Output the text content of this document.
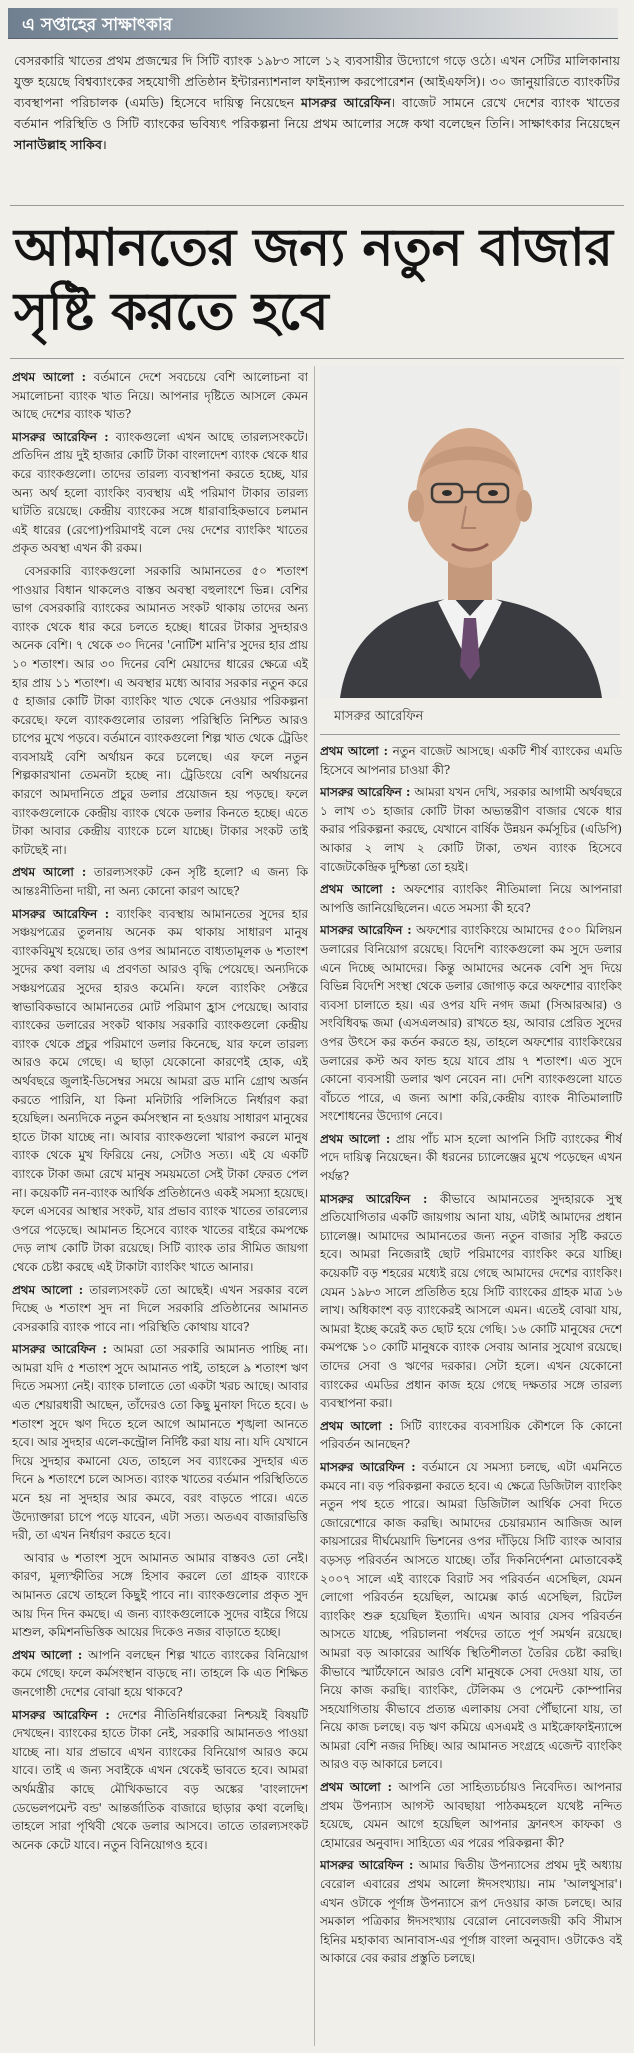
এ সপ্তাহের সাক্ষাৎকার
বেসরকারি খাতের প্রথম প্রজন্মের দি সিটি ব্যাংক ১৯৮৩ সালে ১২ ব্যবসায়ীর উদ্যোগে গড়ে ওঠে। এখন সেটির মালিকানায় যুক্ত হয়েছে বিশ্বব্যাংকের সহযোগী প্রতিষ্ঠান ইন্টারন্যাশনাল ফাইন্যান্স করপোরেশন (আইএফসি)। ৩০ জানুয়ারিতে ব্যাংকটির ব্যবস্থাপনা পরিচালক (এমডি) হিসেবে দায়িত্ব নিয়েছেন মাসরুর আরেফিন। বাজেট সামনে রেখে দেশের ব্যাংক খাতের বর্তমান পরিস্থিতি ও সিটি ব্যাংকের ভবিষ্যৎ পরিকল্পনা নিয়ে প্রথম আলোর সঙ্গে কথা বলেছেন তিনি। সাক্ষাৎকার নিয়েছেন সানাউল্লাহ সাকিব।
আমানতের জন্য নতুন বাজার
সৃষ্টি করতে হবে
মাসরুর আরেফিন

প্রথম আলো : বর্তমানে দেশে সবচেয়ে বেশি আলোচনা বা সমালোচনা ব্যাংক খাত নিয়ে। আপনার দৃষ্টিতে আসলে কেমন আছে দেশের ব্যাংক খাত?

মাসরুর আরেফিন : ব্যাংকগুলো এখন আছে তারল্যসংকটে। প্রতিদিন প্রায় দুই হাজার কোটি টাকা বাংলাদেশ ব্যাংক থেকে ধার করে ব্যাংকগুলো। তাদের তারল্য ব্যবস্থাপনা করতে হচ্ছে, যার অন্য অর্থ হলো ব্যাংকিং ব্যবস্থায় এই পরিমাণ টাকার তারল্য ঘাটতি রয়েছে। কেন্দ্রীয় ব্যাংকের সঙ্গে ধারাবাহিকভাবে চলমান এই ধারের (রেপো)পরিমাণই বলে দেয় দেশের ব্যাংকিং খাতের প্রকৃত অবস্থা এখন কী রকম।

বেসরকারি ব্যাংকগুলো সরকারি আমানতের ৫০ শতাংশ পাওয়ার বিধান থাকলেও বাস্তব অবস্থা বহুলাংশে ভিন্ন। বেশির ভাগ বেসরকারি ব্যাংকের আমানত সংকট থাকায় তাদের অন্য ব্যাংক থেকে ধার করে চলতে হচ্ছে। ধারের টাকার সুদহারও অনেক বেশি। ৭ থেকে ৩০ দিনের 'নোটিশ মানি'র সুদের হার প্রায় ১০ শতাংশ। আর ৩০ দিনের বেশি মেয়াদের ধারের ক্ষেত্রে এই হার প্রায় ১১ শতাংশ। এ অবস্থার মধ্যে আবার সরকার নতুন করে ৫ হাজার কোটি টাকা ব্যাংকিং খাত থেকে নেওয়ার পরিকল্পনা করেছে। ফলে ব্যাংকগুলোর তারল্য পরিস্থিতি নিশ্চিত আরও চাপের মুখে পড়বে। বর্তমানে ব্যাংকগুলো শিল্প খাত থেকে ট্রেডিং ব্যবসায়ই বেশি অর্থায়ন করে চলেছে। এর ফলে নতুন শিল্পকারখানা তেমনটা হচ্ছে না। ট্রেডিংয়ে বেশি অর্থায়নের কারণে আমদানিতে প্রচুর ডলার প্রয়োজন হয় পড়ছে। ফলে ব্যাংকগুলোকে কেন্দ্রীয় ব্যাংক থেকে ডলার কিনতে হচ্ছে। এতে টাকা আবার কেন্দ্রীয় ব্যাংকে চলে যাচ্ছে। টাকার সংকট তাই কাটছেই না।

প্রথম আলো : তারল্যসংকট কেন সৃষ্টি হলো? এ জন্য কি আন্তঃনীতিনা দায়ী, না অন্য কোনো কারণ আছে?

মাসরুর আরেফিন : ব্যাংকিং ব্যবস্থায় আমানতের সুদের হার সঞ্চয়পত্রের তুলনায় অনেক কম থাকায় সাধারণ মানুষ ব্যাংকবিমুখ হয়েছে। তার ওপর আমানতে বাধ্যতামূলক ৬ শতাংশ সুদের কথা বলায় এ প্রবণতা আরও বৃদ্ধি পেয়েছে। অন্যদিকে সঞ্চয়পত্রের সুদের হারও কমেনি। ফলে ব্যাংকিং সেক্টরে স্বাভাবিকভাবে আমানতের মোট পরিমাণ হ্রাস পেয়েছে। আবার ব্যাংকের ডলারের সংকট থাকায় সরকারি ব্যাংকগুলো কেন্দ্রীয় ব্যাংক থেকে প্রচুর পরিমাণে ডলার কিনেছে, যার ফলে তারল্য আরও কমে গেছে। এ ছাড়া যেকোনো কারণেই হোক, এই অর্থবছরে জুলাই-ডিসেম্বর সময়ে আমরা ব্রড মানি গ্রোথ অর্জন করতে পারিনি, যা কিনা মনিটারি পলিসিতে নির্ধারণ করা হয়েছিল। অন্যদিকে নতুন কর্মসংস্থান না হওয়ায় সাধারণ মানুষের হাতে টাকা যাচ্ছে না। আবার ব্যাংকগুলো খারাপ করলে মানুষ ব্যাংক থেকে মুখ ফিরিয়ে নেয়, সেটাও সত্য। এই যে একটি ব্যাংকে টাকা জমা রেখে মানুষ সময়মতো সেই টাকা ফেরত পেল না। কয়েকটি নন-ব্যাংক আর্থিক প্রতিষ্ঠানেও একই সমস্যা হয়েছে। ফলে এসবের আস্থার সংকট, যার প্রভাব ব্যাংক খাতের তারল্যের ওপরে পড়েছে। আমানত হিসেবে ব্যাংক খাতের বাইরে কমপক্ষে দেড় লাখ কোটি টাকা রয়েছে। সিটি ব্যাংক তার সীমিত জায়গা থেকে চেষ্টা করছে এই টাকাটা ব্যাংকিং খাতে আনার।

প্রথম আলো : তারল্যসংকট তো আছেই। এখন সরকার বলে দিচ্ছে ৬ শতাংশ সুদ না দিলে সরকারি প্রতিষ্ঠানের আমানত বেসরকারি ব্যাংক পাবে না। পরিস্থিতি কোথায় যাবে?

মাসরুর আরেফিন : আমরা তো সরকারি আমানত পাচ্ছি না। আমরা যদি ৫ শতাংশ সুদে আমানত পাই, তাহলে ৯ শতাংশ ঋণ দিতে সমস্যা নেই। ব্যাংক চালাতে তো একটা খরচ আছে। আবার এত শেয়ারধারী আছেন, তাঁদেরও তো কিছু মুনাফা দিতে হবে। ৬ শতাংশ সুদে ঋণ দিতে হলে আগে আমানতে শৃঙ্খলা আনতে হবে। আর সুদহার এলে-কন্ট্রোল নির্দিষ্ট করা যায় না। যদি যেখানে দিয়ে সুদহার কমানো যেত, তাহলে সব ব্যাংকের সুদহার এত দিনে ৯ শতাংশে চলে আসত। ব্যাংক খাতের বর্তমান পরিস্থিতিতে মনে হয় না সুদহার আর কমবে, বরং বাড়তে পারে। এতে উদ্যোক্তারা চাপে পড়ে যাবেন, এটা সত্য। অতএব বাজারভিত্তি দরী, তা এখন নির্ধারণ করতে হবে।

আবার ৬ শতাংশ সুদে আমানত আমার বাস্তবও তো নেই। কারণ, মূল্যস্ফীতির সঙ্গে হিসাব করলে তো গ্রাহক ব্যাংকে আমানত রেখে তাহলে কিছুই পাবে না। ব্যাংকগুলোর প্রকৃত সুদ আয় দিন দিন কমছে। এ জন্য ব্যাংকগুলোকে সুদের বাইরে গিয়ে মাশুল, কমিশনভিত্তিক আয়ের দিকেও নজর বাড়াতে হচ্ছে।

প্রথম আলো : আপনি বলছেন শিল্প খাতে ব্যাংকের বিনিয়োগ কমে গেছে। ফলে কর্মসংস্থান বাড়ছে না। তাহলে কি এত শিক্ষিত জনগোষ্ঠী দেশের বোঝা হয়ে থাকবে?

মাসরুর আরেফিন : দেশের নীতিনির্ধারকেরা নিশ্চয়ই বিষয়টি দেখছেন। ব্যাংকের হাতে টাকা নেই, সরকারি আমানতও পাওয়া যাচ্ছে না। যার প্রভাবে এখন ব্যাংকের বিনিয়োগ আরও কমে যাবে। তাই এ জন্য সবাইকে এখন থেকেই ভাবতে হবে। আমরা অর্থমন্ত্রীর কাছে মৌখিকভাবে বড় অঙ্কের 'বাংলাদেশ ডেভেলপমেন্ট বন্ড' আন্তর্জাতিক বাজারে ছাড়ার কথা বলেছি। তাহলে সারা পৃথিবী থেকে ডলার আসবে। তাতে তারল্যসংকট অনেক কেটে যাবে। নতুন বিনিয়োগও হবে।

প্রথম আলো : নতুন বাজেট আসছে। একটি শীর্ষ ব্যাংকের এমডি হিসেবে আপনার চাওয়া কী?

মাসরুর আরেফিন : আমরা যখন দেখি, সরকার আগামী অর্থবছরে ১ লাখ ৩১ হাজার কোটি টাকা অভ্যন্তরীণ বাজার থেকে ধার করার পরিকল্পনা করছে, যেখানে বার্ষিক উন্নয়ন কর্মসূচির (এডিপি) আকার ২ লাখ ২ কোটি টাকা, তখন ব্যাংক হিসেবে বাজেটকেন্দ্রিক দুশ্চিন্তা তো হয়ই।

প্রথম আলো : অফশোর ব্যাংকিং নীতিমালা নিয়ে আপনারা আপত্তি জানিয়েছিলেন। এতে সমস্যা কী হবে?

মাসরুর আরেফিন : অফশোর ব্যাংকিংয়ে আমাদের ৫০০ মিলিয়ন ডলারের বিনিয়োগ রয়েছে। বিদেশি ব্যাংকগুলো কম সুদে ডলার এনে দিচ্ছে আমাদের। কিন্তু আমাদের অনেক বেশি সুদ দিয়ে বিভিন্ন বিদেশি সংস্থা থেকে ডলার জোগাড় করে অফশোর ব্যাংকিং ব্যবসা চালাতে হয়। এর ওপর যদি নগদ জমা (সিআরআর) ও সংবিধিবদ্ধ জমা (এসএলআর) রাখতে হয়, আবার প্রেরিত সুদের ওপর উৎসে কর কর্তন করতে হয়, তাহলে অফশোর ব্যাংকিংয়ের ডলারের কস্ট অব ফান্ড হয়ে যাবে প্রায় ৭ শতাংশ। এত সুদে কোনো ব্যবসায়ী ডলার ঋণ নেবেন না। দেশি ব্যাংকগুলো যাতে বাঁচতে পারে, এ জন্য আশা করি,কেন্দ্রীয় ব্যাংক নীতিমালাটি সংশোধনের উদ্যোগ নেবে।

প্রথম আলো : প্রায় পাঁচ মাস হলো আপনি সিটি ব্যাংকের শীর্ষ পদে দায়িত্ব নিয়েছেন। কী ধরনের চ্যালেঞ্জের মুখে পড়েছেন এখন পর্যন্ত?

মাসরুর আরেফিন : কীভাবে আমানতের সুদহারকে সুস্থ প্রতিযোগিতার একটি জায়গায় আনা যায়, এটাই আমাদের প্রধান চ্যালেঞ্জ। আমাদের আমানতের জন্য নতুন বাজার সৃষ্টি করতে হবে। আমরা নিজেরাই ছোট পরিমাণের ব্যাংকিং করে যাচ্ছি। কয়েকটি বড় শহরের মধ্যেই রয়ে গেছে আমাদের দেশের ব্যাংকিং। যেমন ১৯৮৩ সালে প্রতিষ্ঠিত হয়ে সিটি ব্যাংকের গ্রাহক মাত্র ১৬ লাখ। অধিকাংশ বড় ব্যাংকেরই আসলে এমন। এতেই বোঝা যায়, আমরা ইচ্ছে করেই কত ছোট হয়ে গেছি। ১৬ কোটি মানুষের দেশে কমপক্ষে ১০ কোটি মানুষকে ব্যাংক সেবায় আনার সুযোগ রয়েছে। তাদের সেবা ও ঋণের দরকার। সেটা হলে। এখন যেকোনো ব্যাংকের এমডির প্রধান কাজ হয়ে গেছে দক্ষতার সঙ্গে তারল্য ব্যবস্থাপনা করা।

প্রথম আলো : সিটি ব্যাংকের ব্যবসায়িক কৌশলে কি কোনো পরিবর্তন আনছেন?

মাসরুর আরেফিন : বর্তমানে যে সমস্যা চলছে, এটা এমনিতে কমবে না। বড় পরিকল্পনা করতে হবে। এ ক্ষেত্রে ডিজিটাল ব্যাংকিং নতুন পথ হতে পারে। আমরা ডিজিটাল আর্থিক সেবা দিতে জোরেশোরে কাজ করছি। আমাদের চেয়ারম্যান আজিজ আল কায়সারের দীর্ঘমেয়াদি ভিশনের ওপর দাঁড়িয়ে সিটি ব্যাংক আবার বড়সড় পরিবর্তন আসতে যাচ্ছে। তাঁর দিকনির্দেশনা মোতাবেকই ২০০৭ সালে এই ব্যাংকে বিরাট সব পরিবর্তন এসেছিল, যেমন লোগো পরিবর্তন হয়েছিল, আমেক্স কার্ড এসেছিল, রিটেল ব্যাংকিং শুরু হয়েছিল ইত্যাদি। এখন আবার যেসব পরিবর্তন আসতে যাচ্ছে, পরিচালনা পর্ষদের তাতে পূর্ণ সমর্থন রয়েছে। আমরা বড় আকারের আর্থিক স্থিতিশীলতা তৈরির চেষ্টা করছি। কীভাবে স্মার্টফোনে আরও বেশি মানুষকে সেবা দেওয়া যায়, তা নিয়ে কাজ করছি। ব্যাংকিং, টেলিকম ও পেমেন্ট কোম্পানির সহযোগিতায় কীভাবে প্রত্যন্ত এলাকায় সেবা পৌঁছানো যায়, তা নিয়ে কাজ চলছে। বড় ঋণ কমিয়ে এসএমই ও মাইক্রোফাইন্যান্সে আমরা বেশি নজর দিচ্ছি। আর আমানত সংগ্রহে এজেন্ট ব্যাংকিং আরও বড় আকারে চলবে।

প্রথম আলো : আপনি তো সাহিত্যচর্চায়ও নিবেদিত। আপনার প্রথম উপন্যাস আগস্ট আবছায়া পাঠকমহলে যথেষ্ট নন্দিত হয়েছে, যেমন আগে হয়েছিল আপনার ফ্রানৎস কাফকা ও হোমারের অনুবাদ। সাহিত্যে এর পরের পরিকল্পনা কী?

মাসরুর আরেফিন : আমার দ্বিতীয় উপন্যাসের প্রথম দুই অধ্যায় বেরোল এবারের প্রথম আলো ঈদসংখ্যায়। নাম 'আলথুসার'। এখন ওটাকে পূর্ণাঙ্গ উপন্যাসে রূপ দেওয়ার কাজ চলছে। আর সমকাল পত্রিকার ঈদসংখ্যায় বেরোল নোবেলজয়ী কবি সীমাস হিনির মহাকাব্য আনাবাস-এর পূর্ণাঙ্গ বাংলা অনুবাদ। ওটাকেও বই আকারে বের করার প্রস্তুতি চলছে।
